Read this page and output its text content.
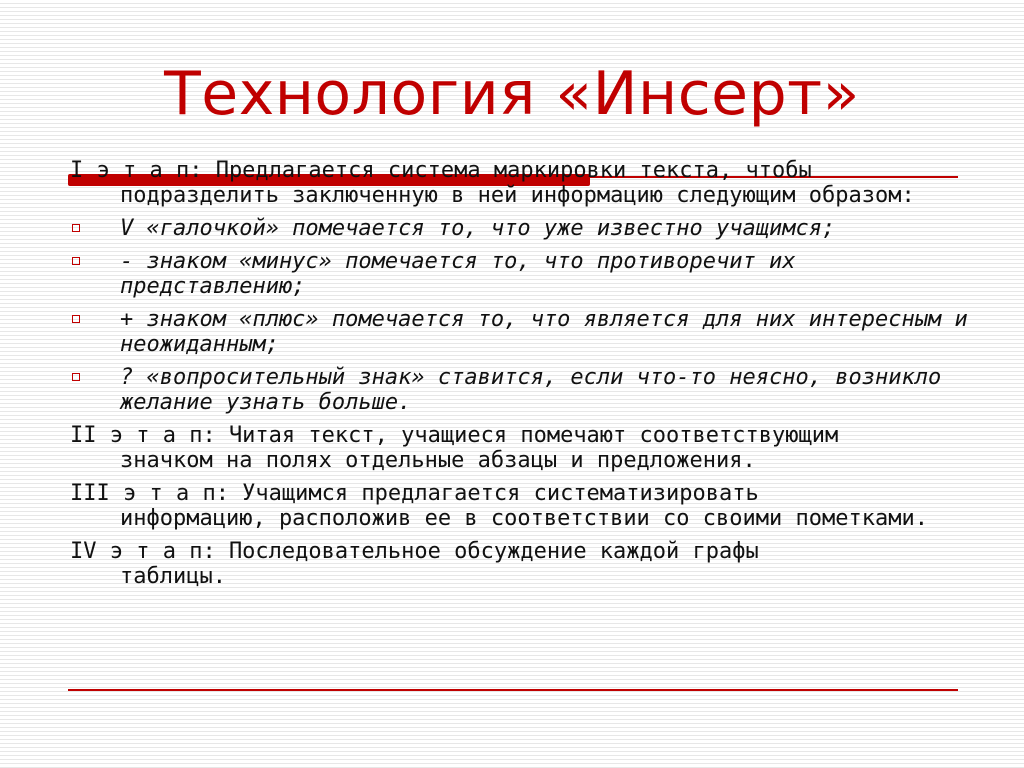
Технология «Инсерт»
I э т а п: Предлагается система маркировки текста, чтобы
подразделить заключенную в ней информацию следующим образом:
V «галочкой» помечается то, что уже известно учащимся;
- знаком «минус» помечается то, что противоречит их представлению;
+ знаком «плюс» помечается то, что является для них интересным и неожиданным;
? «вопросительный знак» ставится, если что-то неясно, возникло желание узнать больше.
II э т а п: Читая текст, учащиеся помечают соответствующим
значком на полях отдельные абзацы и предложения.
III э т а п: Учащимся предлагается систематизировать
информацию, расположив ее в соответствии со своими пометками.
IV э т а п: Последовательное обсуждение каждой графы
таблицы.
